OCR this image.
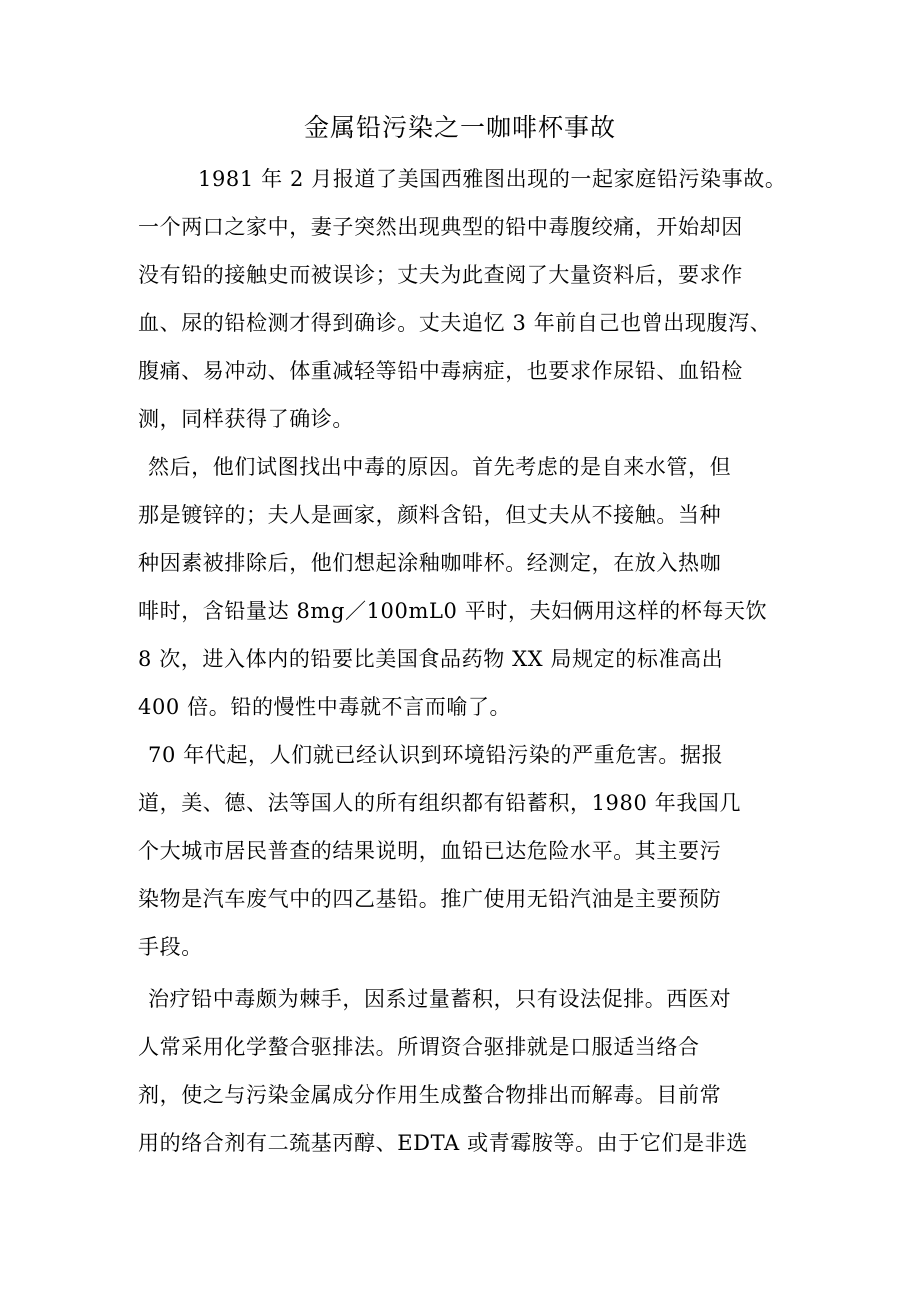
金属铅污染之一咖啡杯事故
1981 年 2 月报道了美国西雅图出现的一起家庭铅污染事故。
一个两口之家中，妻子突然出现典型的铅中毒腹绞痛，开始却因
没有铅的接触史而被误诊；丈夫为此查阅了大量资料后，要求作
血、尿的铅检测才得到确诊。丈夫追忆 3 年前自己也曾出现腹泻、
腹痛、易冲动、体重减轻等铅中毒病症，也要求作尿铅、血铅检
测，同样获得了确诊。
然后，他们试图找出中毒的原因。首先考虑的是自来水管，但
那是镀锌的；夫人是画家，颜料含铅，但丈夫从不接触。当种
种因素被排除后，他们想起涂釉咖啡杯。经测定，在放入热咖
啡时，含铅量达 8mg／100mL0 平时，夫妇俩用这样的杯每天饮
8 次，进入体内的铅要比美国食品药物 XX 局规定的标准高出
400 倍。铅的慢性中毒就不言而喻了。
70 年代起，人们就已经认识到环境铅污染的严重危害。据报
道，美、德、法等国人的所有组织都有铅蓄积，1980 年我国几
个大城市居民普查的结果说明，血铅已达危险水平。其主要污
染物是汽车废气中的四乙基铅。推广使用无铅汽油是主要预防
手段。
治疗铅中毒颇为棘手，因系过量蓄积，只有设法促排。西医对
人常采用化学螯合驱排法。所谓资合驱排就是口服适当络合
剂，使之与污染金属成分作用生成螯合物排出而解毒。目前常
用的络合剂有二巯基丙醇、EDTA 或青霉胺等。由于它们是非选
